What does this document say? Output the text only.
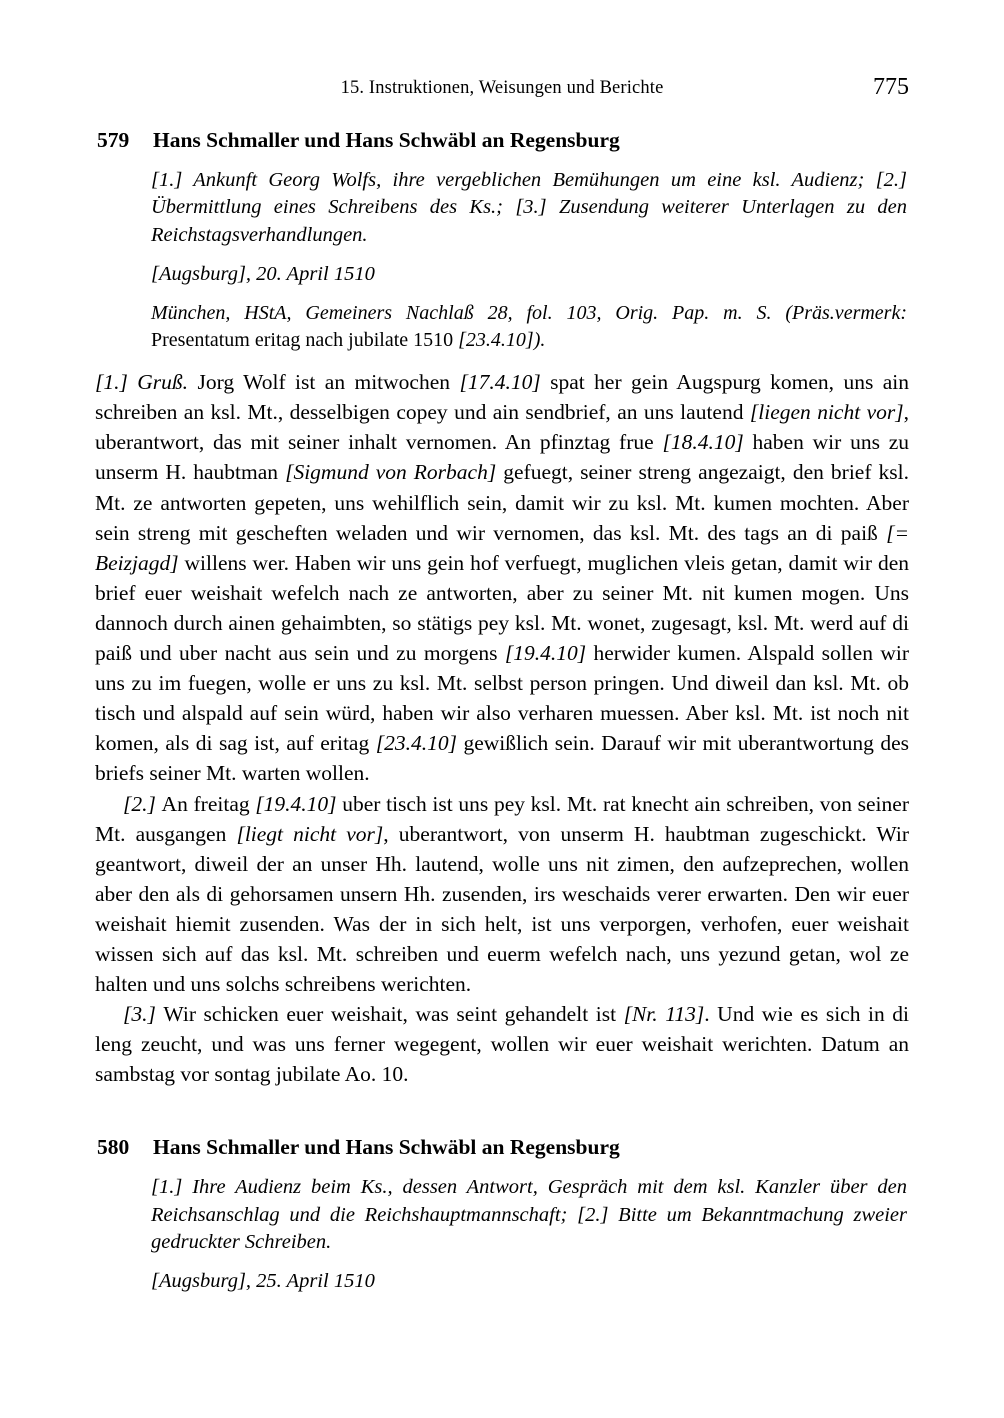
15. Instruktionen, Weisungen und Berichte	775
579	Hans Schmaller und Hans Schwäbl an Regensburg

[1.] Ankunft Georg Wolfs, ihre vergeblichen Bemühungen um eine ksl. Audienz; [2.] Übermittlung eines Schreibens des Ks.; [3.] Zusendung weiterer Unterlagen zu den Reichstagsverhandlungen.

[Augsburg], 20. April 1510

München, HStA, Gemeiners Nachlaß 28, fol. 103, Orig. Pap. m. S. (Präs.vermerk: Presentatum eritag nach jubilate 1510 [23.4.10]).

[1.] Gruß. Jorg Wolf ist an mitwochen [17.4.10] spat her gein Augspurg komen, uns ain schreiben an ksl. Mt., desselbigen copey und ain sendbrief, an uns lautend [liegen nicht vor], uberantwort, das mit seiner inhalt vernomen. An pfinztag frue [18.4.10] haben wir uns zu unserm H. haubtman [Sigmund von Rorbach] gefuegt, seiner streng angezaigt, den brief ksl. Mt. ze antworten gepeten, uns wehilflich sein, damit wir zu ksl. Mt. kumen mochten. Aber sein streng mit gescheften weladen und wir vernomen, das ksl. Mt. des tags an di paiß [= Beizjagd] willens wer. Haben wir uns gein hof verfuegt, muglichen vleis getan, damit wir den brief euer weishait wefelch nach ze antworten, aber zu seiner Mt. nit kumen mogen. Uns dannoch durch ainen gehaimbten, so stätigs pey ksl. Mt. wonet, zugesagt, ksl. Mt. werd auf di paiß und uber nacht aus sein und zu morgens [19.4.10] herwider kumen. Alspald sollen wir uns zu im fuegen, wolle er uns zu ksl. Mt. selbst person pringen. Und diweil dan ksl. Mt. ob tisch und alspald auf sein würd, haben wir also verharen muessen. Aber ksl. Mt. ist noch nit komen, als di sag ist, auf eritag [23.4.10] gewißlich sein. Darauf wir mit uberantwortung des briefs seiner Mt. warten wollen.

[2.] An freitag [19.4.10] uber tisch ist uns pey ksl. Mt. rat knecht ain schreiben, von seiner Mt. ausgangen [liegt nicht vor], uberantwort, von unserm H. haubtman zugeschickt. Wir geantwort, diweil der an unser Hh. lautend, wolle uns nit zimen, den aufzeprechen, wollen aber den als di gehorsamen unsern Hh. zusenden, irs weschaids verer erwarten. Den wir euer weishait hiemit zusenden. Was der in sich helt, ist uns verporgen, verhofen, euer weishait wissen sich auf das ksl. Mt. schreiben und euerm wefelch nach, uns yezund getan, wol ze halten und uns solchs schreibens werichten.

[3.] Wir schicken euer weishait, was seint gehandelt ist [Nr. 113]. Und wie es sich in di leng zeucht, und was uns ferner wegegent, wollen wir euer weishait werichten. Datum an sambstag vor sontag jubilate Ao. 10.

580	Hans Schmaller und Hans Schwäbl an Regensburg

[1.] Ihre Audienz beim Ks., dessen Antwort, Gespräch mit dem ksl. Kanzler über den Reichsanschlag und die Reichshauptmannschaft; [2.] Bitte um Bekanntmachung zweier gedruckter Schreiben.

[Augsburg], 25. April 1510
